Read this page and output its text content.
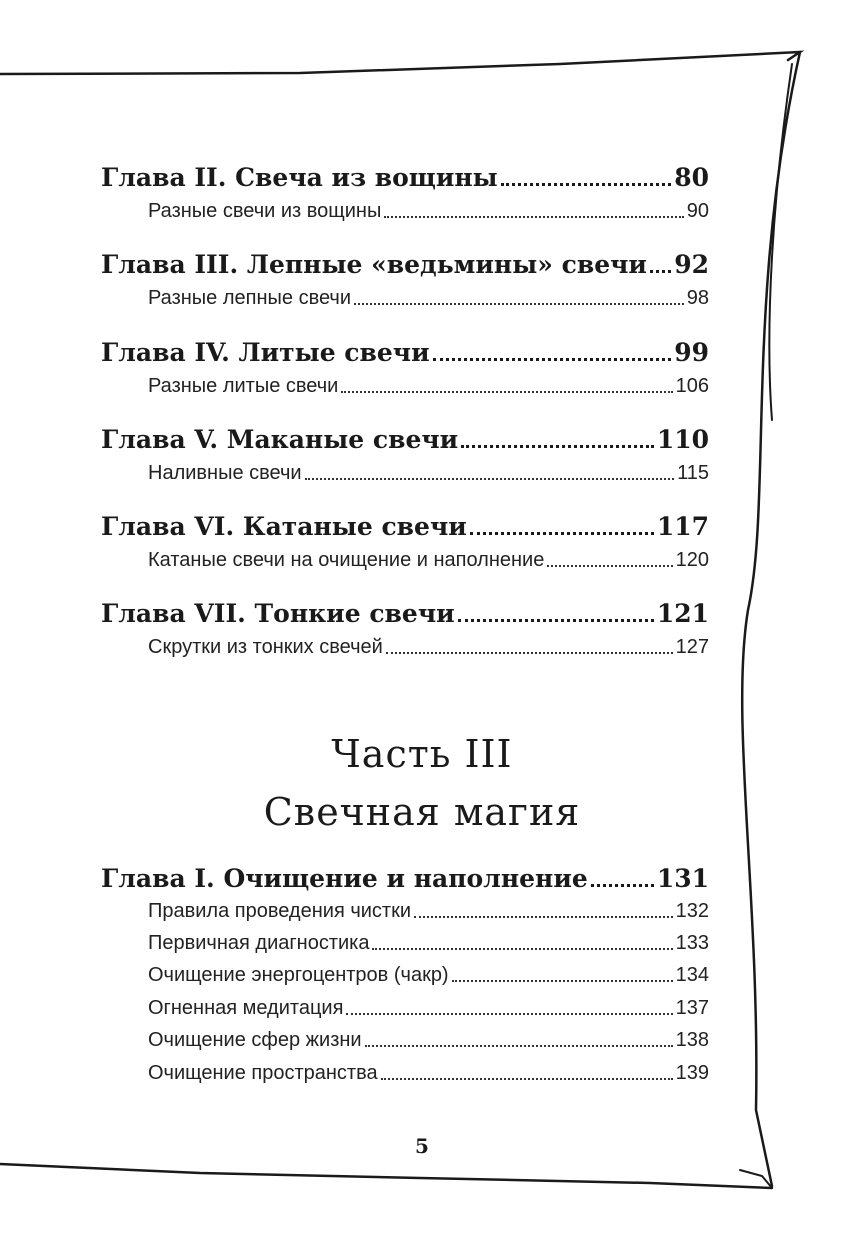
Глава II. Свеча из вощины	80
Разные свечи из вощины	90
Глава III. Лепные «ведьмины» свечи 92
Разные лепные свечи	98
Глава IV. Литые свечи	99
Разные литые свечи	106
Глава V. Маканые свечи	110
Наливные свечи	115
Глава VI. Катаные свечи	117
Катаные свечи на очищение и наполнение	120
Глава VII. Тонкие свечи	121
Скрутки из тонких свечей	127
Часть III
Свечная магия
Глава I. Очищение и наполнение	131
Правила проведения чистки	132
Первичная диагностика	133
Очищение энергоцентров (чакр)	134
Огненная медитация	137
Очищение сфер жизни	138
Очищение пространства	139
5
